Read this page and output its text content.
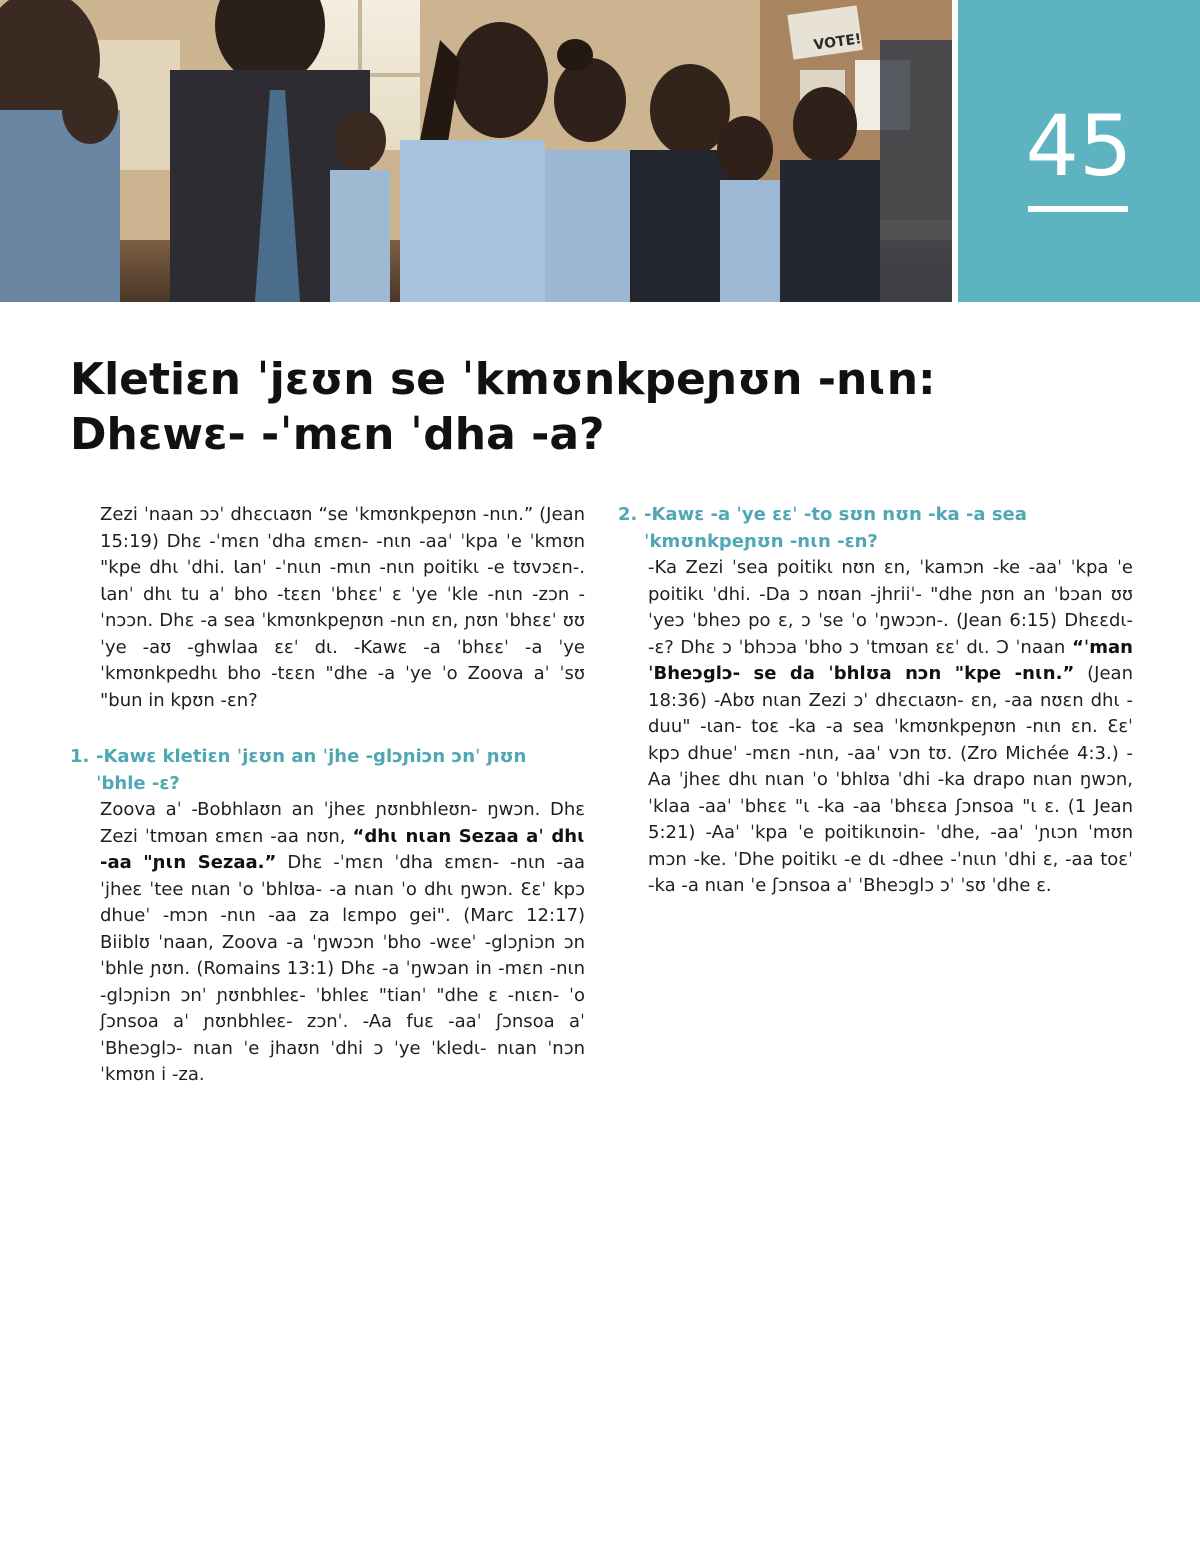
VOTE!
45
Kletiɛn ˈjɛʊn se ˈkmʊnkpeɲʊn -nɩn:
Dhɛwɛ- -ˈmɛn ˈdha -a?

Zezi ˈnaan ɔɔˈ dhɛcɩaʊn “se ˈkmʊnkpeɲʊn -nɩn.” (Jean 15:19) Dhɛ -ˈmɛn ˈdha ɛmɛn- -nɩn -aaˈ ˈkpa ˈe ˈkmʊn "kpe dhɩ ˈdhi. Ɩanˈ -ˈnɩɩn -mɩn -nɩn poitikɩ -e tʊvɔɛn-. Ɩanˈ dhɩ tu aˈ bho -tɛɛn ˈbhɛɛˈ ɛ ˈye ˈkle -nɩn -zɔn -ˈnɔɔn. Dhɛ -a sea ˈkmʊnkpeɲʊn -nɩn ɛn, ɲʊn ˈbhɛɛˈ ʊʊ ˈye -aʊ -ghwlaa ɛɛˈ dɩ. -Kawɛ -a ˈbhɛɛˈ -a ˈye ˈkmʊnkpedhɩ bho -tɛɛn "dhe -a ˈye ˈo Zoova aˈ ˈsʊ "bun in kpʊn -ɛn?

1. -Kawɛ kletiɛn ˈjɛʊn an ˈjhe -glɔɲiɔn ɔnˈ ɲʊn
ˈbhle -ɛ?

Zoova aˈ -Bobhlaʊn an ˈjheɛ ɲʊnbhleʊn- ŋwɔn. Dhɛ Zezi ˈtmʊan ɛmɛn -aa nʊn, “dhɩ nɩan Sezaa aˈ dhɩ -aa "ɲɩn Sezaa.” Dhɛ -ˈmɛn ˈdha ɛmɛn- -nɩn -aa ˈjheɛ ˈtee nɩan ˈo ˈbhlʊa- -a nɩan ˈo dhɩ ŋwɔn. Ɛɛˈ kpɔ dhueˈ -mɔn -nɩn -aa za lɛmpo gei". (Marc 12:17) Biiblʊ ˈnaan, Zoova -a ˈŋwɔɔn ˈbho -wɛeˈ -glɔɲiɔn ɔn ˈbhle ɲʊn. (Romains 13:1) Dhɛ -a ˈŋwɔan in -mɛn -nɩn -glɔɲiɔn ɔnˈ ɲʊnbhleɛ- ˈbhleɛ "tianˈ "dhe ɛ -nɩɛn- ˈo ʃɔnsoa aˈ ɲʊnbhleɛ- zɔnˈ. -Aa fuɛ -aaˈ ʃɔnsoa aˈ ˈBheɔglɔ- nɩan ˈe jhaʊn ˈdhi ɔ ˈye ˈkledɩ- nɩan ˈnɔn ˈkmʊn i -za.

2. -Kawɛ -a ˈye ɛɛˈ -to sʊn nʊn -ka -a sea
ˈkmʊnkpeɲʊn -nɩn -ɛn?

-Ka Zezi ˈsea poitikɩ nʊn ɛn, ˈkamɔn -ke -aaˈ ˈkpa ˈe poitikɩ ˈdhi. -Da ɔ nʊan -jhriiˈ- "dhe ɲʊn an ˈbɔan ʊʊ ˈyeɔ ˈbheɔ po ɛ, ɔ ˈse ˈo ˈŋwɔɔn-. (Jean 6:15) Dhɛɛdɩ- -ɛ? Dhɛ ɔ ˈbhɔɔa ˈbho ɔ ˈtmʊan ɛɛˈ dɩ. Ɔ ˈnaan “ˈman ˈBheɔglɔ- se da ˈbhlʊa nɔn "kpe -nɩn.” (Jean 18:36) -Abʊ nɩan Zezi ɔˈ dhɛcɩaʊn- ɛn, -aa nʊɛn dhɩ -duu" -ɩan- toɛ -ka -a sea ˈkmʊnkpeɲʊn -nɩn ɛn. Ɛɛˈ kpɔ dhueˈ -mɛn -nɩn, -aaˈ vɔn tʊ. (Zro Michée 4:3.) -Aa ˈjheɛ dhɩ nɩan ˈo ˈbhlʊa ˈdhi -ka drapo nɩan ŋwɔn, ˈklaa -aaˈ ˈbhɛɛ "ɩ -ka -aa ˈbhɛɛa ʃɔnsoa "ɩ ɛ. (1 Jean 5:21) -Aaˈ ˈkpa ˈe poitikɩnʊin- ˈdhe, -aaˈ ˈɲɩɔn ˈmʊn mɔn -ke. ˈDhe poitikɩ -e dɩ -dhee -ˈnɩɩn ˈdhi ɛ, -aa toɛˈ -ka -a nɩan ˈe ʃɔnsoa aˈ ˈBheɔglɔ ɔˈ ˈsʊ ˈdhe ɛ.
